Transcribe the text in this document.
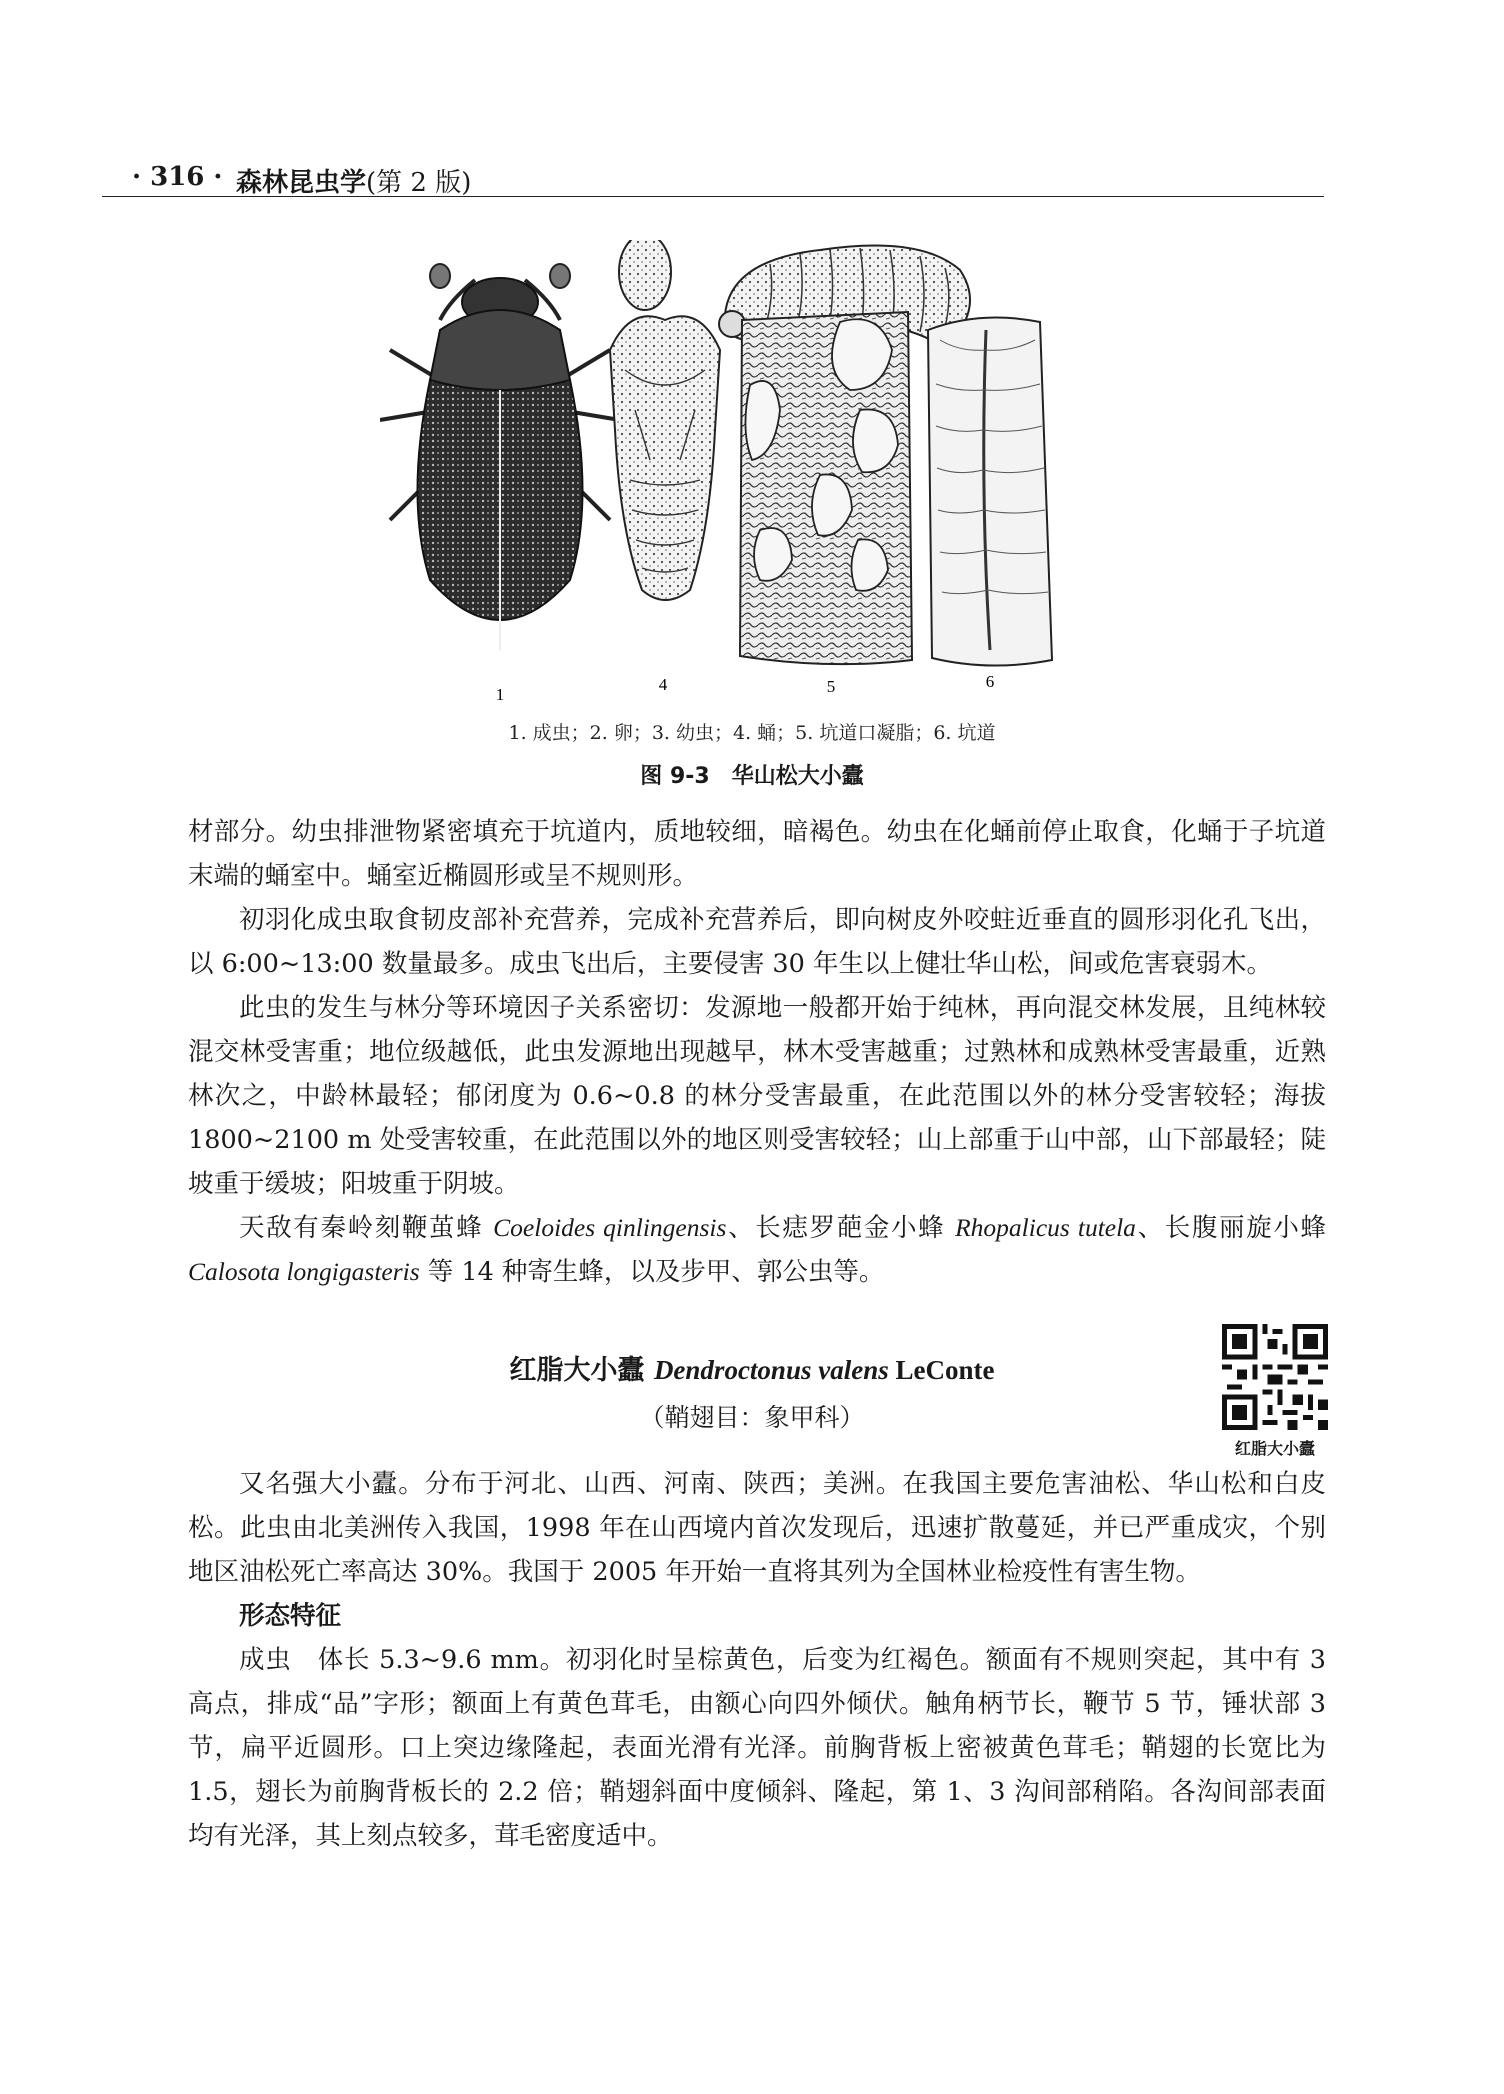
· 316 · 森林昆虫学(第 2 版)
1
4	5	6
1. 成虫；2. 卵；3. 幼虫；4. 蛹；5. 坑道口凝脂；6. 坑道
图 9-3　华山松大小蠹

材部分。幼虫排泄物紧密填充于坑道内，质地较细，暗褐色。幼虫在化蛹前停止取食，化蛹于子坑道末端的蛹室中。蛹室近椭圆形或呈不规则形。

初羽化成虫取食韧皮部补充营养，完成补充营养后，即向树皮外咬蛀近垂直的圆形羽化孔飞出，以 6:00~13:00 数量最多。成虫飞出后，主要侵害 30 年生以上健壮华山松，间或危害衰弱木。

此虫的发生与林分等环境因子关系密切：发源地一般都开始于纯林，再向混交林发展，且纯林较混交林受害重；地位级越低，此虫发源地出现越早，林木受害越重；过熟林和成熟林受害最重，近熟林次之，中龄林最轻；郁闭度为 0.6~0.8 的林分受害最重，在此范围以外的林分受害较轻；海拔 1800~2100 m 处受害较重，在此范围以外的地区则受害较轻；山上部重于山中部，山下部最轻；陡坡重于缓坡；阳坡重于阴坡。

天敌有秦岭刻鞭茧蜂 Coeloides qinlingensis、长痣罗葩金小蜂 Rhopalicus tutela、长腹丽旋小蜂 Calosota longigasteris 等 14 种寄生蜂，以及步甲、郭公虫等。

红脂大小蠹 Dendroctonus valens LeConte
（鞘翅目：象甲科）
红脂大小蠹

又名强大小蠹。分布于河北、山西、河南、陕西；美洲。在我国主要危害油松、华山松和白皮松。此虫由北美洲传入我国，1998 年在山西境内首次发现后，迅速扩散蔓延，并已严重成灾，个别地区油松死亡率高达 30%。我国于 2005 年开始一直将其列为全国林业检疫性有害生物。

形态特征

成虫　体长 5.3~9.6 mm。初羽化时呈棕黄色，后变为红褐色。额面有不规则突起，其中有 3 高点，排成“品”字形；额面上有黄色茸毛，由额心向四外倾伏。触角柄节长，鞭节 5 节，锤状部 3 节，扁平近圆形。口上突边缘隆起，表面光滑有光泽。前胸背板上密被黄色茸毛；鞘翅的长宽比为 1.5，翅长为前胸背板长的 2.2 倍；鞘翅斜面中度倾斜、隆起，第 1、3 沟间部稍陷。各沟间部表面均有光泽，其上刻点较多，茸毛密度适中。
